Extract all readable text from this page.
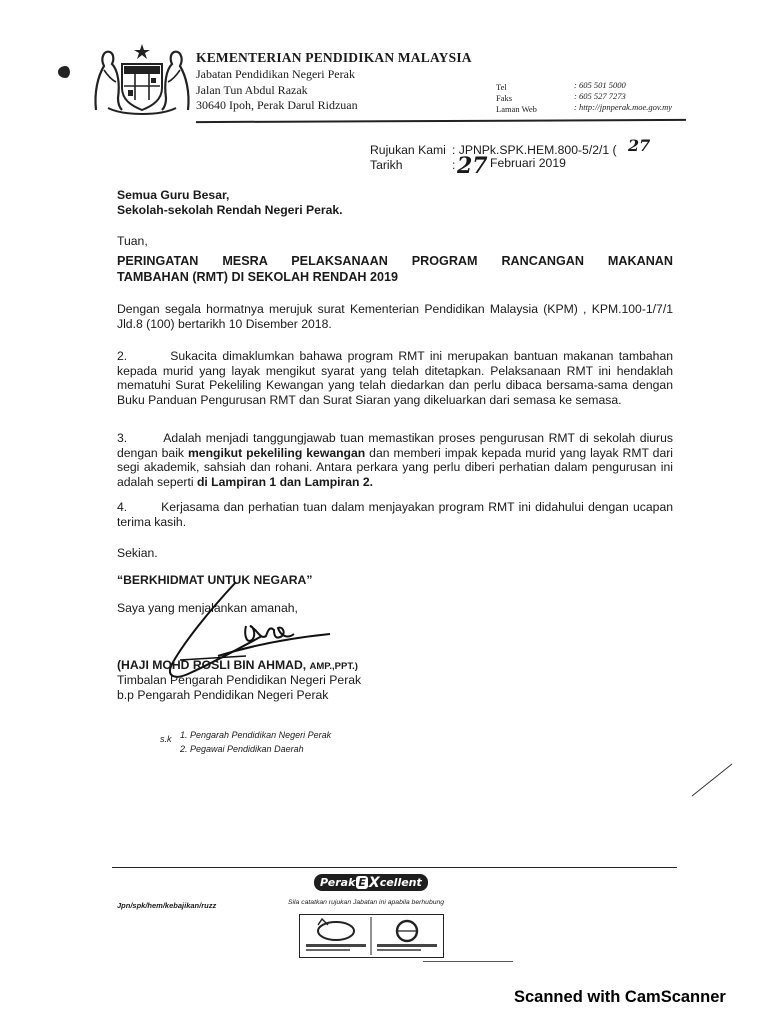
KEMENTERIAN PENDIDIKAN MALAYSIA
Jabatan Pendidikan Negeri Perak
Jalan Tun Abdul Razak
30640 Ipoh, Perak Darul Ridzuan
Tel	: 605 501 5000
Faks	: 605 527 7273
Laman Web	: http://jpnperak.moe.gov.my
Rujukan Kami : JPNPk.SPK.HEM.800-5/2/1 ( 27
Tarikh	: 27 Februari 2019
Semua Guru Besar,
Sekolah-sekolah Rendah Negeri Perak.
Tuan,
PERINGATAN MESRA PELAKSANAAN PROGRAM RANCANGAN MAKANAN
TAMBAHAN (RMT) DI SEKOLAH RENDAH 2019
Dengan segala hormatnya merujuk surat Kementerian Pendidikan Malaysia (KPM) , KPM.100-1/7/1 Jld.8 (100) bertarikh 10 Disember 2018.
2.	Sukacita dimaklumkan bahawa program RMT ini merupakan bantuan makanan tambahan kepada murid yang layak mengikut syarat yang telah ditetapkan. Pelaksanaan RMT ini hendaklah mematuhi Surat Pekeliling Kewangan yang telah diedarkan dan perlu dibaca bersama-sama dengan Buku Panduan Pengurusan RMT dan Surat Siaran yang dikeluarkan dari semasa ke semasa.
3.	Adalah menjadi tanggungjawab tuan memastikan proses pengurusan RMT di sekolah diurus dengan baik mengikut pekeliling kewangan dan memberi impak kepada murid yang layak RMT dari segi akademik, sahsiah dan rohani. Antara perkara yang perlu diberi perhatian dalam pengurusan ini adalah seperti di Lampiran 1 dan Lampiran 2.
4.	Kerjasama dan perhatian tuan dalam menjayakan program RMT ini didahului dengan ucapan terima kasih.
Sekian.
“BERKHIDMAT UNTUK NEGARA”
Saya yang menjalankan amanah,
(HAJI MOHD ROSLI BIN AHMAD, AMP.,PPT.)
Timbalan Pengarah Pendidikan Negeri Perak
b.p Pengarah Pendidikan Negeri Perak
s.k 1. Pengarah Pendidikan Negeri Perak
2. Pegawai Pendidikan Daerah
Jpn/spk/hem/kebajikan/ruzz
Perak E X cellent
Sila catatkan rujukan Jabatan ini apabila berhubung
Scanned with CamScanner
